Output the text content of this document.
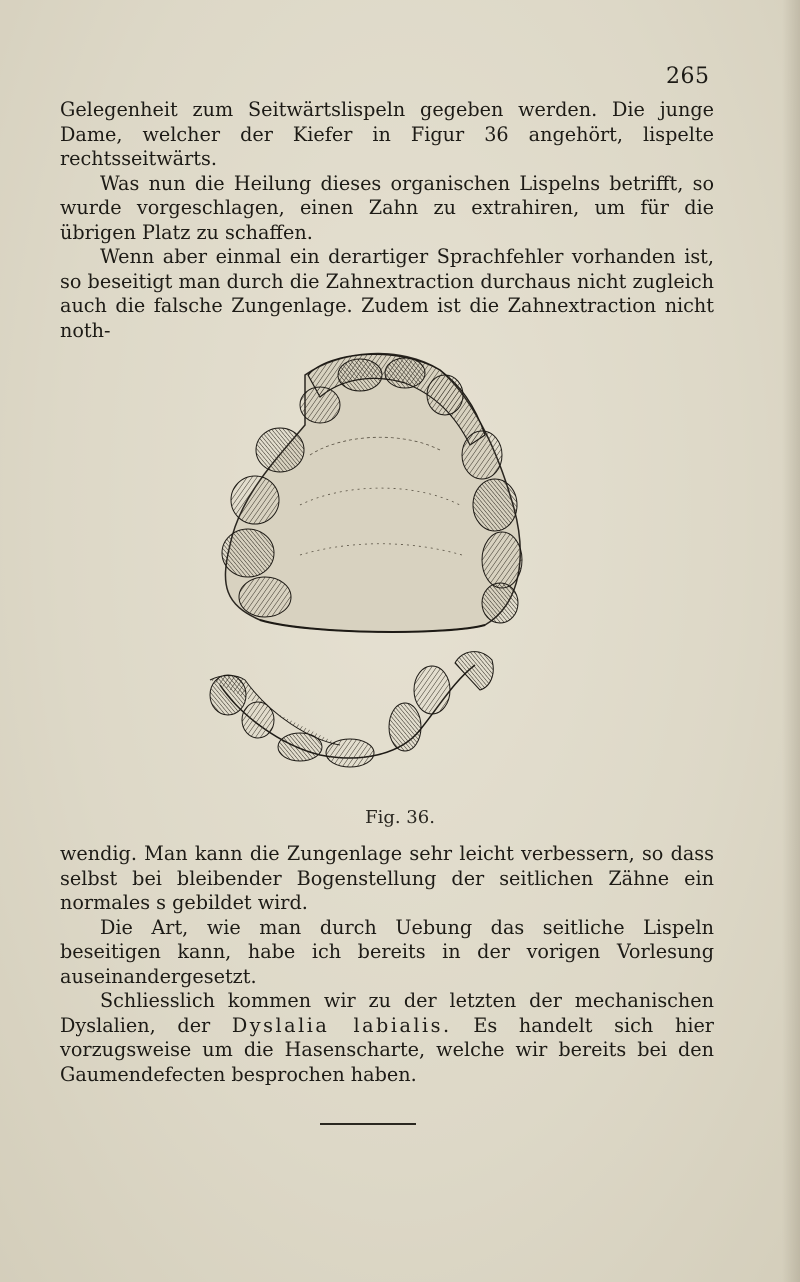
265

Gelegenheit zum Seitwärtslispeln gegeben werden. Die junge Dame, welcher der Kiefer in Figur 36 angehört, lispelte rechtsseitwärts.

Was nun die Heilung dieses organischen Lispelns betrifft, so wurde vorgeschlagen, einen Zahn zu extrahiren, um für die übrigen Platz zu schaffen.

Wenn aber einmal ein derartiger Sprachfehler vorhanden ist, so beseitigt man durch die Zahnextraction durchaus nicht zugleich auch die falsche Zungenlage. Zudem ist die Zahnextraction nicht noth-

Fig. 36.

wendig. Man kann die Zungenlage sehr leicht verbessern, so dass selbst bei bleibender Bogenstellung der seitlichen Zähne ein normales s gebildet wird.

Die Art, wie man durch Uebung das seitliche Lispeln beseitigen kann, habe ich bereits in der vorigen Vorlesung auseinandergesetzt.

Schliesslich kommen wir zu der letzten der mechanischen Dyslalien, der Dyslalia labialis. Es handelt sich hier vorzugsweise um die Hasenscharte, welche wir bereits bei den Gaumendefecten besprochen haben.
